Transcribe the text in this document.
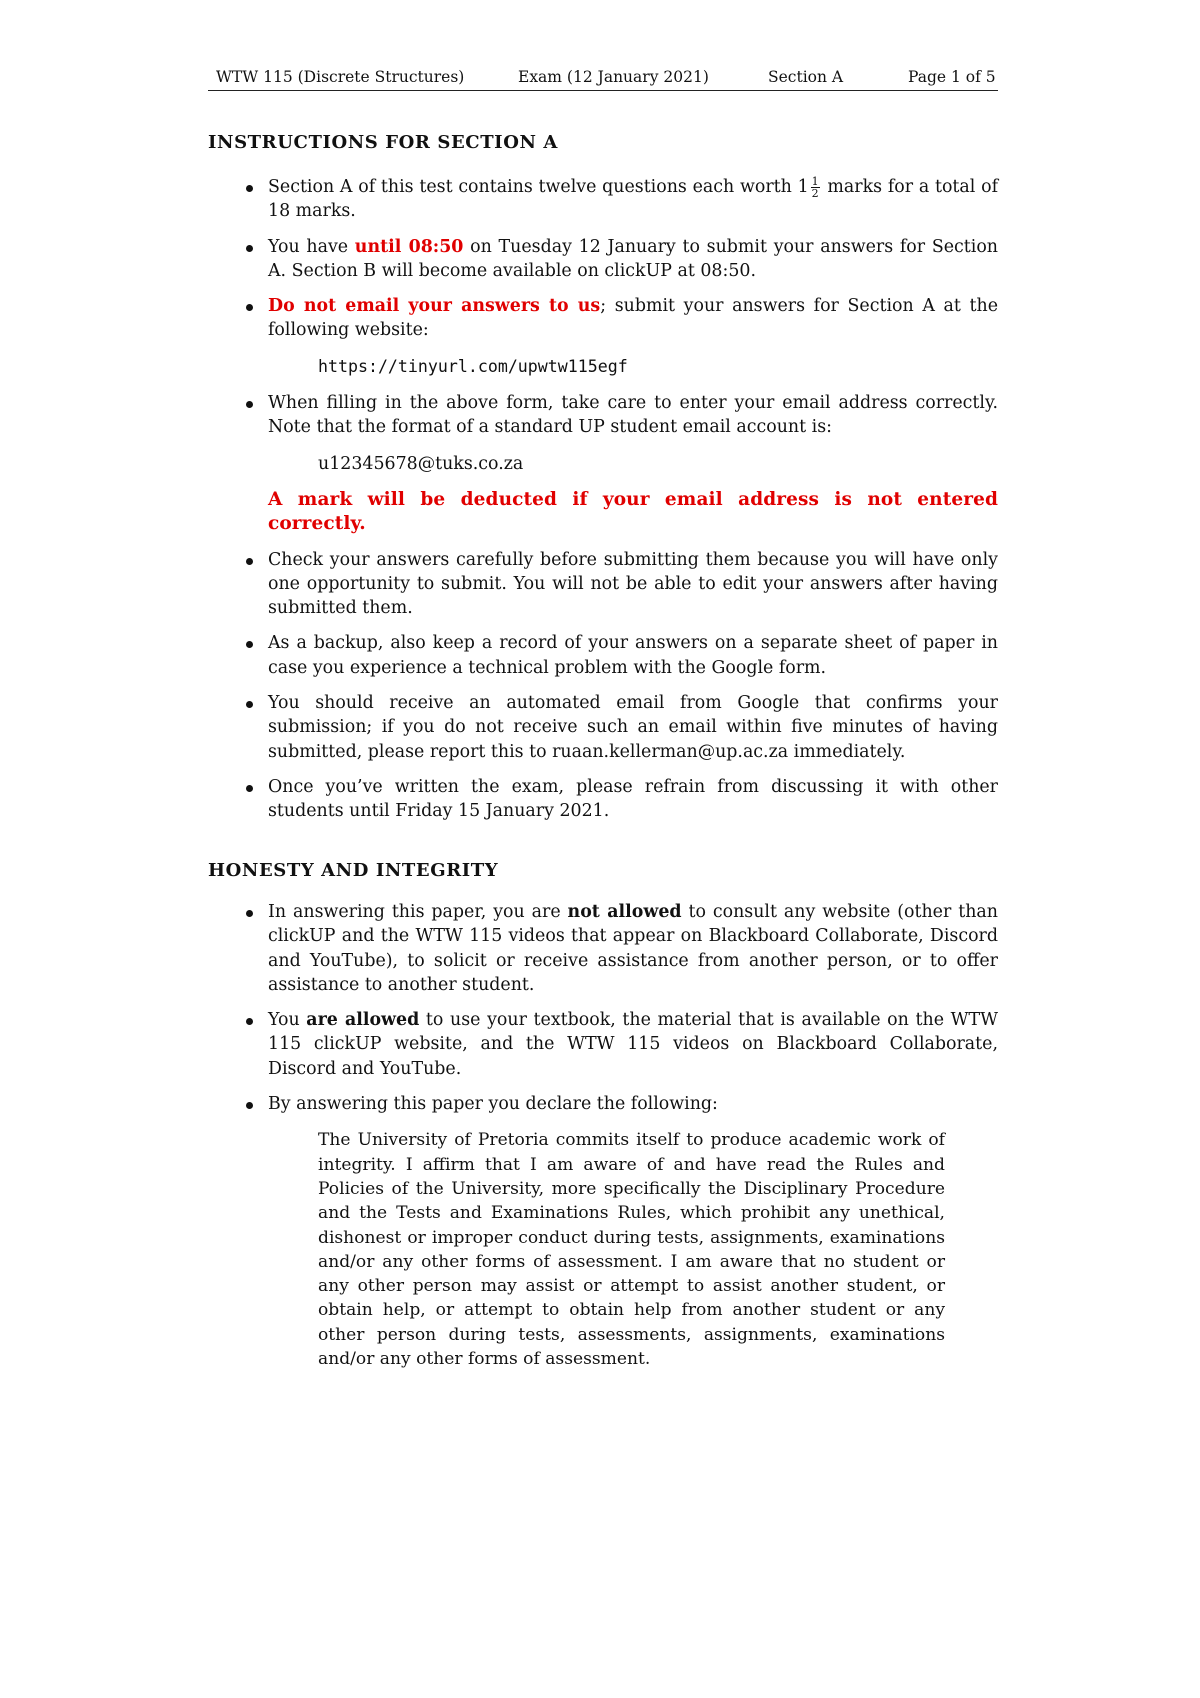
WTW 115 (Discrete Structures)	Exam (12 January 2021)	Section A	Page 1 of 5
INSTRUCTIONS FOR SECTION A
Section A of this test contains twelve questions each worth $1 \frac{1}{2}$ marks for a total of 18 marks.
You have until 08:50 on Tuesday 12 January to submit your answers for Section A. Section B will become available on clickUP at 08:50.
Do not email your answers to us; submit your answers for Section A at the following website:
https://tinyurl.com/upwtw115egf
When filling in the above form, take care to enter your email address correctly. Note that the format of a standard UP student email account is:
u12345678@tuks.co.za
A mark will be deducted if your email address is not entered correctly.
Check your answers carefully before submitting them because you will have only one opportunity to submit. You will not be able to edit your answers after having submitted them.
As a backup, also keep a record of your answers on a separate sheet of paper in case you experience a technical problem with the Google form.
You should receive an automated email from Google that confirms your submission; if you do not receive such an email within five minutes of having submitted, please report this to ruaan.kellerman@up.ac.za immediately.
Once you’ve written the exam, please refrain from discussing it with other students until Friday 15 January 2021.
HONESTY AND INTEGRITY
In answering this paper, you are not allowed to consult any website (other than clickUP and the WTW 115 videos that appear on Blackboard Collaborate, Discord and YouTube), to solicit or receive assistance from another person, or to offer assistance to another student.
You are allowed to use your textbook, the material that is available on the WTW 115 clickUP website, and the WTW 115 videos on Blackboard Collaborate, Discord and YouTube.
By answering this paper you declare the following:
The University of Pretoria commits itself to produce academic work of integrity. I affirm that I am aware of and have read the Rules and Policies of the University, more specifically the Disciplinary Procedure and the Tests and Examinations Rules, which prohibit any unethical, dishonest or improper conduct during tests, assignments, examinations and/or any other forms of assessment. I am aware that no student or any other person may assist or attempt to assist another student, or obtain help, or attempt to obtain help from another student or any other person during tests, assessments, assignments, examinations and/or any other forms of assessment.
